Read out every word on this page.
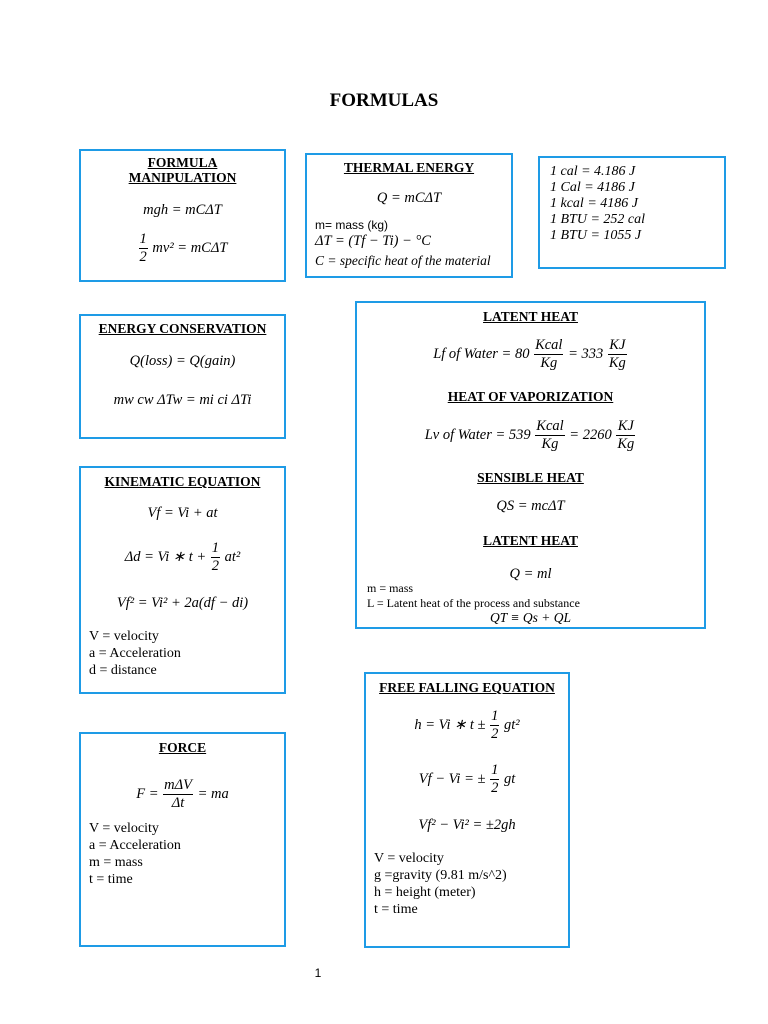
FORMULAS
FORMULA MANIPULATION
mgh = mCΔT
$\frac{1}{2} mv^2 = mC\Delta T$
THERMAL ENERGY
Q = mCΔT
m= mass (kg)
ΔT = (Tf − Ti) − °C
C = specific heat of the material
1 cal = 4.186 J
1 Cal = 4186 J
1 kcal = 4186 J
1 BTU = 252 cal
1 BTU = 1055 J
ENERGY CONSERVATION
Q(loss) = Q(gain)
mw cw ΔTw = mi ci ΔTi
LATENT HEAT
Lf of Water = $80 \frac{\text{Kcal}}{Kg} = 333 \frac{KJ}{Kg}$
HEAT OF VAPORIZATION
Lv of Water = $539 \frac{\text{Kcal}}{Kg} = 2260 \frac{KJ}{Kg}$
SENSIBLE HEAT
QS = mcΔT
LATENT HEAT
Q = ml
m = mass
L = Latent heat of the process and substance
QT ≡ Qs + QL
KINEMATIC EQUATION
Vf = Vi + at
Δd = Vi ∗ $t + \frac{1}{2} at^2$
Vf² = Vi² + 2a(df − di)
V = velocity
a = Acceleration
d = distance
FREE FALLING EQUATION
h = Vi ∗ $t \pm \frac{1}{2} gt^2$
Vf − Vi = ± $\frac{1}{2}$ gt
Vf² − Vi² = ±2gh
V = velocity
g =gravity (9.81 m/s^2)
h = height (meter)
t = time
FORCE
$F = \frac{\text{mΔV}}{\Delta t}$ = ma
V = velocity
a = Acceleration
m = mass
t = time
1
